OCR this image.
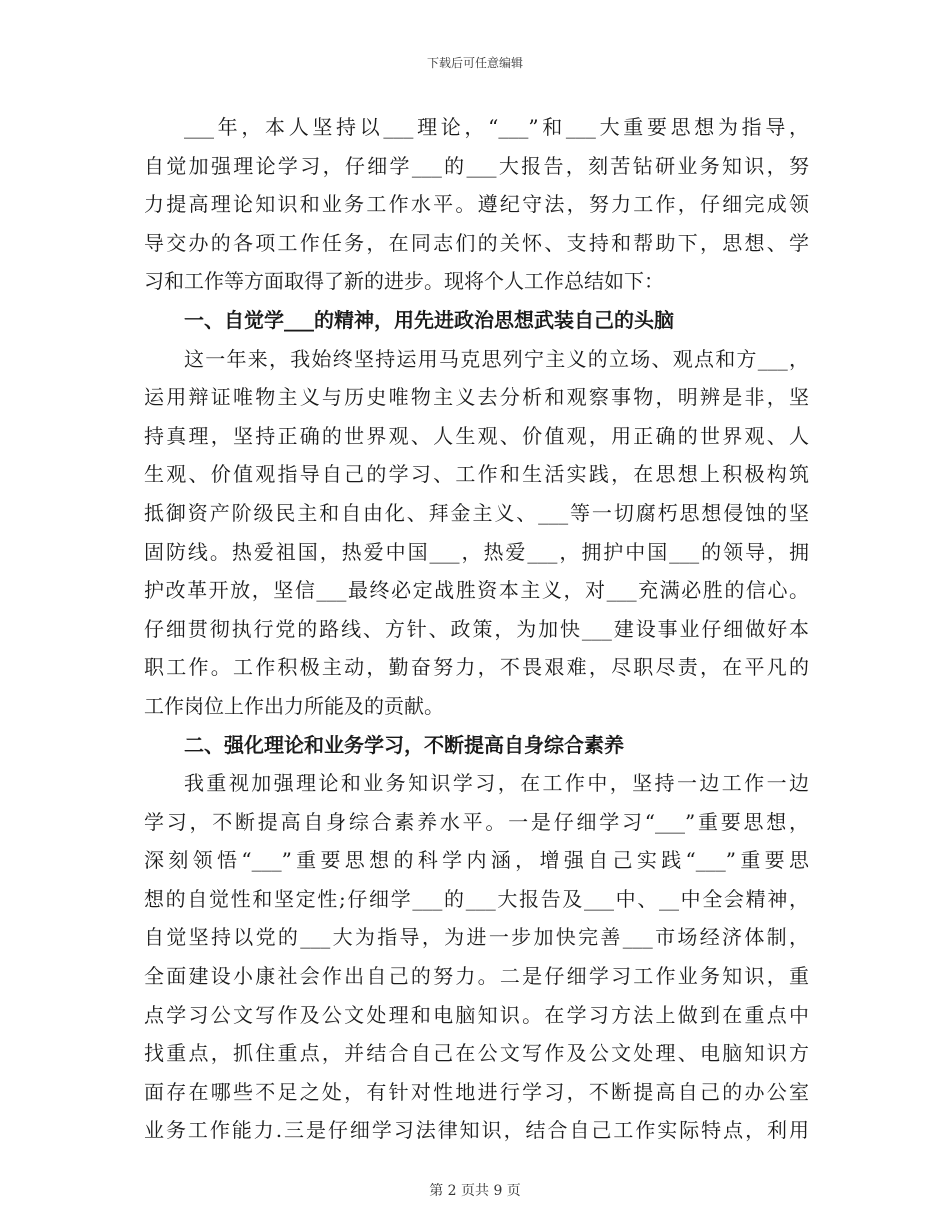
下载后可任意编辑
___年，本人坚持以___理论，“___”和___大重要思想为指导，
自觉加强理论学习，仔细学___的___大报告，刻苦钻研业务知识，努
力提高理论知识和业务工作水平。遵纪守法，努力工作，仔细完成领
导交办的各项工作任务，在同志们的关怀、支持和帮助下，思想、学
习和工作等方面取得了新的进步。现将个人工作总结如下：
一、自觉学___的精神，用先进政治思想武装自己的头脑
这一年来，我始终坚持运用马克思列宁主义的立场、观点和方___，
运用辩证唯物主义与历史唯物主义去分析和观察事物，明辨是非，坚
持真理，坚持正确的世界观、人生观、价值观，用正确的世界观、人
生观、价值观指导自己的学习、工作和生活实践，在思想上积极构筑
抵御资产阶级民主和自由化、拜金主义、___等一切腐朽思想侵蚀的坚
固防线。热爱祖国，热爱中国___，热爱___，拥护中国___的领导，拥
护改革开放，坚信___最终必定战胜资本主义，对___充满必胜的信心。
仔细贯彻执行党的路线、方针、政策，为加快___建设事业仔细做好本
职工作。工作积极主动，勤奋努力，不畏艰难，尽职尽责，在平凡的
工作岗位上作出力所能及的贡献。
二、强化理论和业务学习，不断提高自身综合素养
我重视加强理论和业务知识学习，在工作中，坚持一边工作一边
学习，不断提高自身综合素养水平。一是仔细学习“___”重要思想，
深刻领悟“___”重要思想的科学内涵，增强自己实践“___”重要思
想的自觉性和坚定性;仔细学___的___大报告及___中、__中全会精神，
自觉坚持以党的___大为指导，为进一步加快完善___市场经济体制，
全面建设小康社会作出自己的努力。二是仔细学习工作业务知识，重
点学习公文写作及公文处理和电脑知识。在学习方法上做到在重点中
找重点，抓住重点，并结合自己在公文写作及公文处理、电脑知识方
面存在哪些不足之处，有针对性地进行学习，不断提高自己的办公室
业务工作能力.三是仔细学习法律知识，结合自己工作实际特点，利用
第 2 页共 9 页
